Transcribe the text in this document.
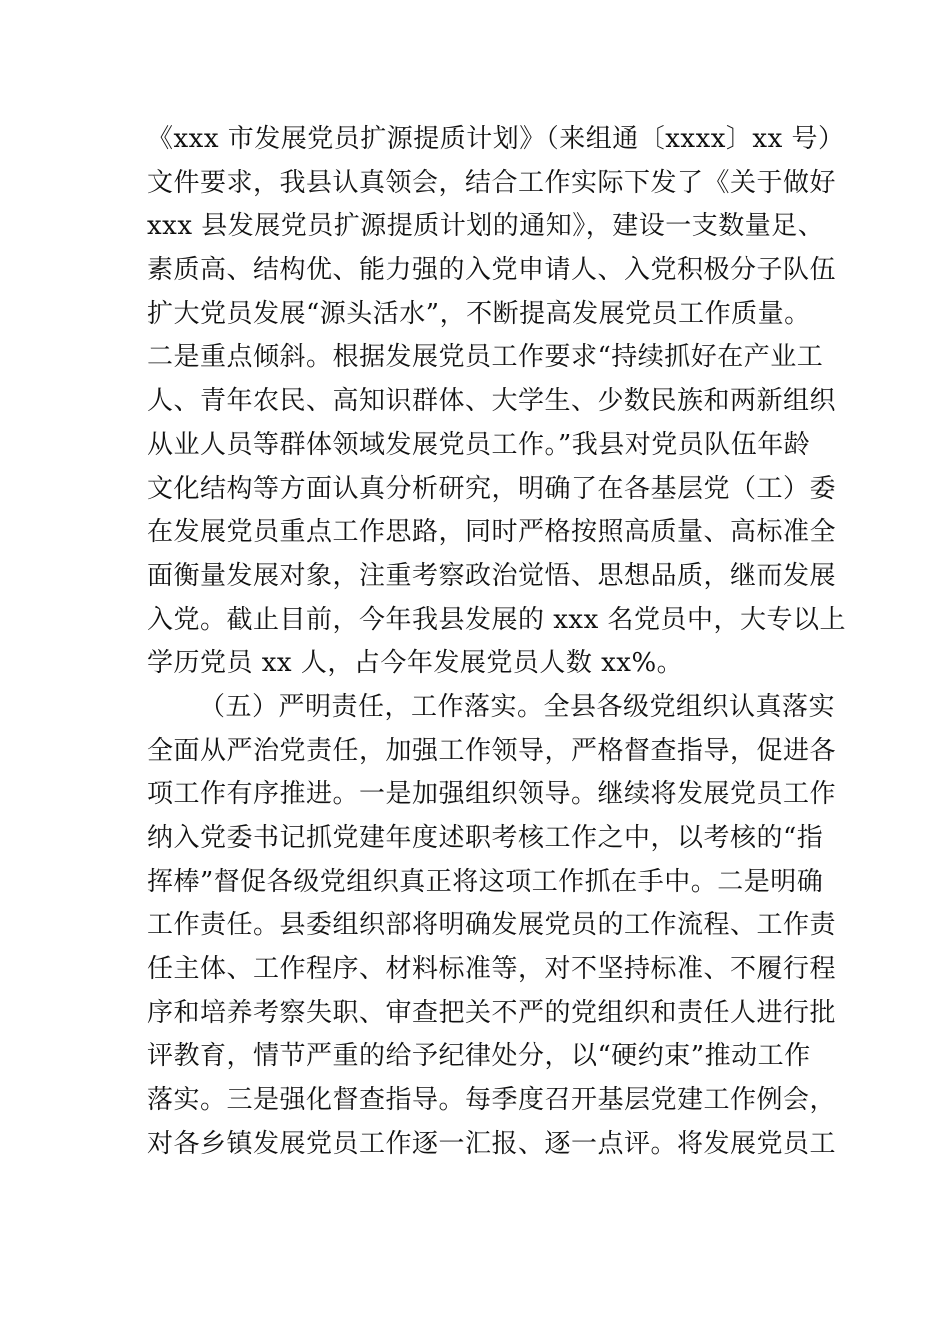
《xxx 市发展党员扩源提质计划》（来组通〔xxxx〕xx 号）
文件要求，我县认真领会，结合工作实际下发了《关于做好
xxx 县发展党员扩源提质计划的通知》，建设一支数量足、
素质高、结构优、能力强的入党申请人、入党积极分子队伍
扩大党员发展“源头活水”，不断提高发展党员工作质量。
二是重点倾斜。根据发展党员工作要求“持续抓好在产业工
人、青年农民、高知识群体、大学生、少数民族和两新组织
从业人员等群体领域发展党员工作。”我县对党员队伍年龄
文化结构等方面认真分析研究，明确了在各基层党（工）委
在发展党员重点工作思路，同时严格按照高质量、高标准全
面衡量发展对象，注重考察政治觉悟、思想品质，继而发展
入党。截止目前，今年我县发展的 xxx 名党员中，大专以上
学历党员 xx 人，占今年发展党员人数 xx%。
（五）严明责任，工作落实。全县各级党组织认真落实
全面从严治党责任，加强工作领导，严格督查指导，促进各
项工作有序推进。一是加强组织领导。继续将发展党员工作
纳入党委书记抓党建年度述职考核工作之中，以考核的“指
挥棒”督促各级党组织真正将这项工作抓在手中。二是明确
工作责任。县委组织部将明确发展党员的工作流程、工作责
任主体、工作程序、材料标准等，对不坚持标准、不履行程
序和培养考察失职、审查把关不严的党组织和责任人进行批
评教育，情节严重的给予纪律处分，以“硬约束”推动工作
落实。三是强化督查指导。每季度召开基层党建工作例会，
对各乡镇发展党员工作逐一汇报、逐一点评。将发展党员工
